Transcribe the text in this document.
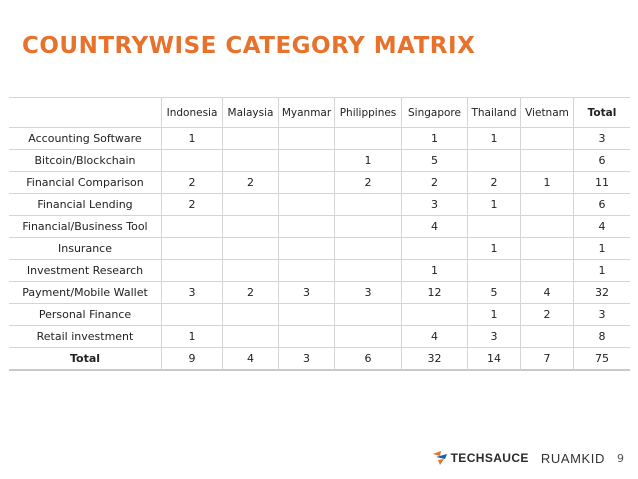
COUNTRYWISE CATEGORY MATRIX
	Indonesia	Malaysia	Myanmar	Philippines	Singapore	Thailand	Vietnam	Total
Accounting Software	1				1	1		3
Bitcoin/Blockchain				1	5			6
Financial Comparison	2	2		2	2	2	1	11
Financial Lending	2				3	1		6
Financial/Business Tool					4			4
Insurance						1		1
Investment Research					1			1
Payment/Mobile Wallet	3	2	3	3	12	5	4	32
Personal Finance						1	2	3
Retail investment	1				4	3		8
Total	9	4	3	6	32	14	7	75
TECHSAUCE RUAMKID 9
